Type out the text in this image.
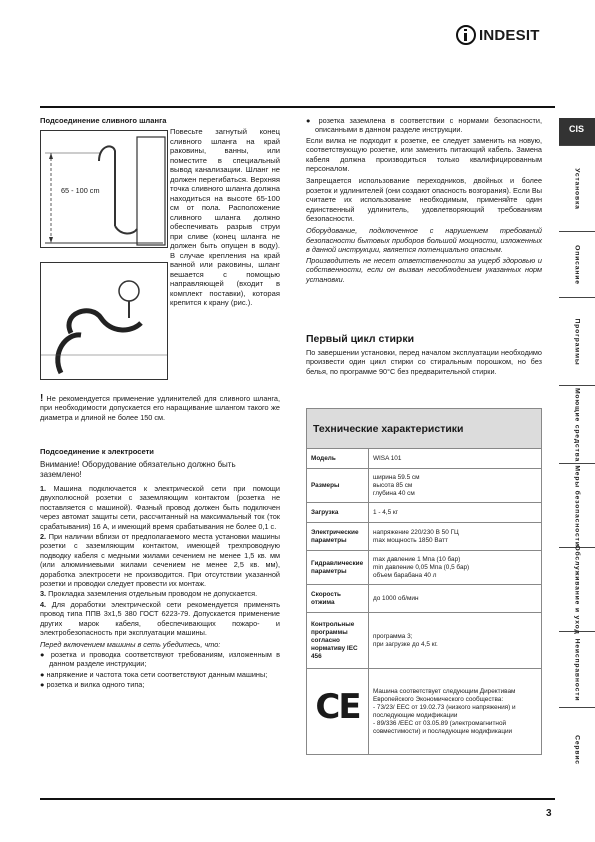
INDESIT
Подсоединение сливного шланга
65 - 100 cm
Повесьте загнутый конец сливного шланга на край раковины, ванны, или поместите в специальный вывод канализации. Шланг не должен перегибаться. Верхняя точка сливного шланга должна находиться на высоте 65-100 см от пола. Расположение сливного шланга должно обеспечивать разрыв струи при сливе (конец шланга не должен быть опущен в воду). В случае крепления на край ванной или раковины, шланг вешается с помощью направляющей (входит в комплект поставки), которая крепится к крану (рис.).
! Не рекомендуется применение удлинителей для сливного шланга, при необходимости допускается его наращивание шлангом такого же диаметра и длиной не более 150 см.
Подсоединение к электросети
Внимание! Оборудование обязательно должно быть заземлено!

1. Машина подключается к электрической сети при помощи двухполюсной розетки с заземляющим контактом (розетка не поставляется с машиной). Фазный провод должен быть подключен через автомат защиты сети, рассчитанный на максимальный ток (ток срабатывания) 16 А, и имеющий время срабатывания не более 0,1 с.

2. При наличии вблизи от предполагаемого места установки машины розетки с заземляющим контактом, имеющей трехпроводную подводку кабеля с медными жилами сечением не менее 1,5 кв. мм (или алюминиевыми жилами сечением не менее 2,5 кв. мм), доработка электросети не производится. При отсутствии указанной розетки и проводки следует провести их монтаж.

3. Прокладка заземления отдельным проводом не допускается.

4. Для доработки электрической сети рекомендуется применять провод типа ППВ 3х1,5 380 ГОСТ 6223-79. Допускается применение других марок кабеля, обеспечивающих пожаро- и электробезопасность при эксплуатации машины.

Перед включением машины в сеть убедитесь, что:

● розетка и проводка соответствуют требованиям, изложенным в данном разделе инструкции;

● напряжение и частота тока сети соответствуют данным машины;

● розетка и вилка одного типа;

● розетка заземлена в соответствии с нормами безопасности, описанными в данном разделе инструкции.

Если вилка не подходит к розетке, ее следует заменить на новую, соответствующую розетке, или заменить питающий кабель. Замена кабеля должна производиться только квалифицированным персоналом.

Запрещается использование переходников, двойных и более розеток и удлинителей (они создают опасность возгорания). Если Вы считаете их использование необходимым, применяйте один единственный удлинитель, удовлетворяющий требованиям безопасности.

Оборудование, подключенное с нарушением требований безопасности бытовых приборов большой мощности, изложенных в данной инструкции, является потенциально опасным.

Производитель не несет ответственности за ущерб здоровью и собственности, если он вызван несоблюдением указанных норм установки.

Первый цикл стирки
По завершении установки, перед началом эксплуатации необходимо произвести один цикл стирки со стиральным порошком, но без белья, по программе 90°С без предварительной стирки.
Технические характеристики
Модель	WISA 101
Размеры	ширина 59.5 см
высота 85 см
глубина 40 см
Загрузка	1 - 4,5 кг
Электрические параметры	напряжение 220/230 В 50 ГЦ
max мощность 1850 Ватт
Гидравлические параметры	max давление 1 Mпа (10 бар)
min давление 0,05 Mпа (0,5 бар)
объем барабана 40 л
Скорость отжима	до 1000 об/мин
Контрольные программы согласно нормативу IEC 456	программа 3;
при загрузке до 4,5 кг.
CE	Машина соответствует следующим Директивам Европейского Экономического сообщества:
- 73/23/ EEC от 19.02.73 (низкого напряжения) и последующие модификации
- 89/336 /EEC от 03.05.89 (электромагнитной совместимости) и последующие модификации
CIS
Установка
Описание
Программы
Моющие средства
Меры безопасности
Обслуживание и уход
Неисправности
Сервис
3
